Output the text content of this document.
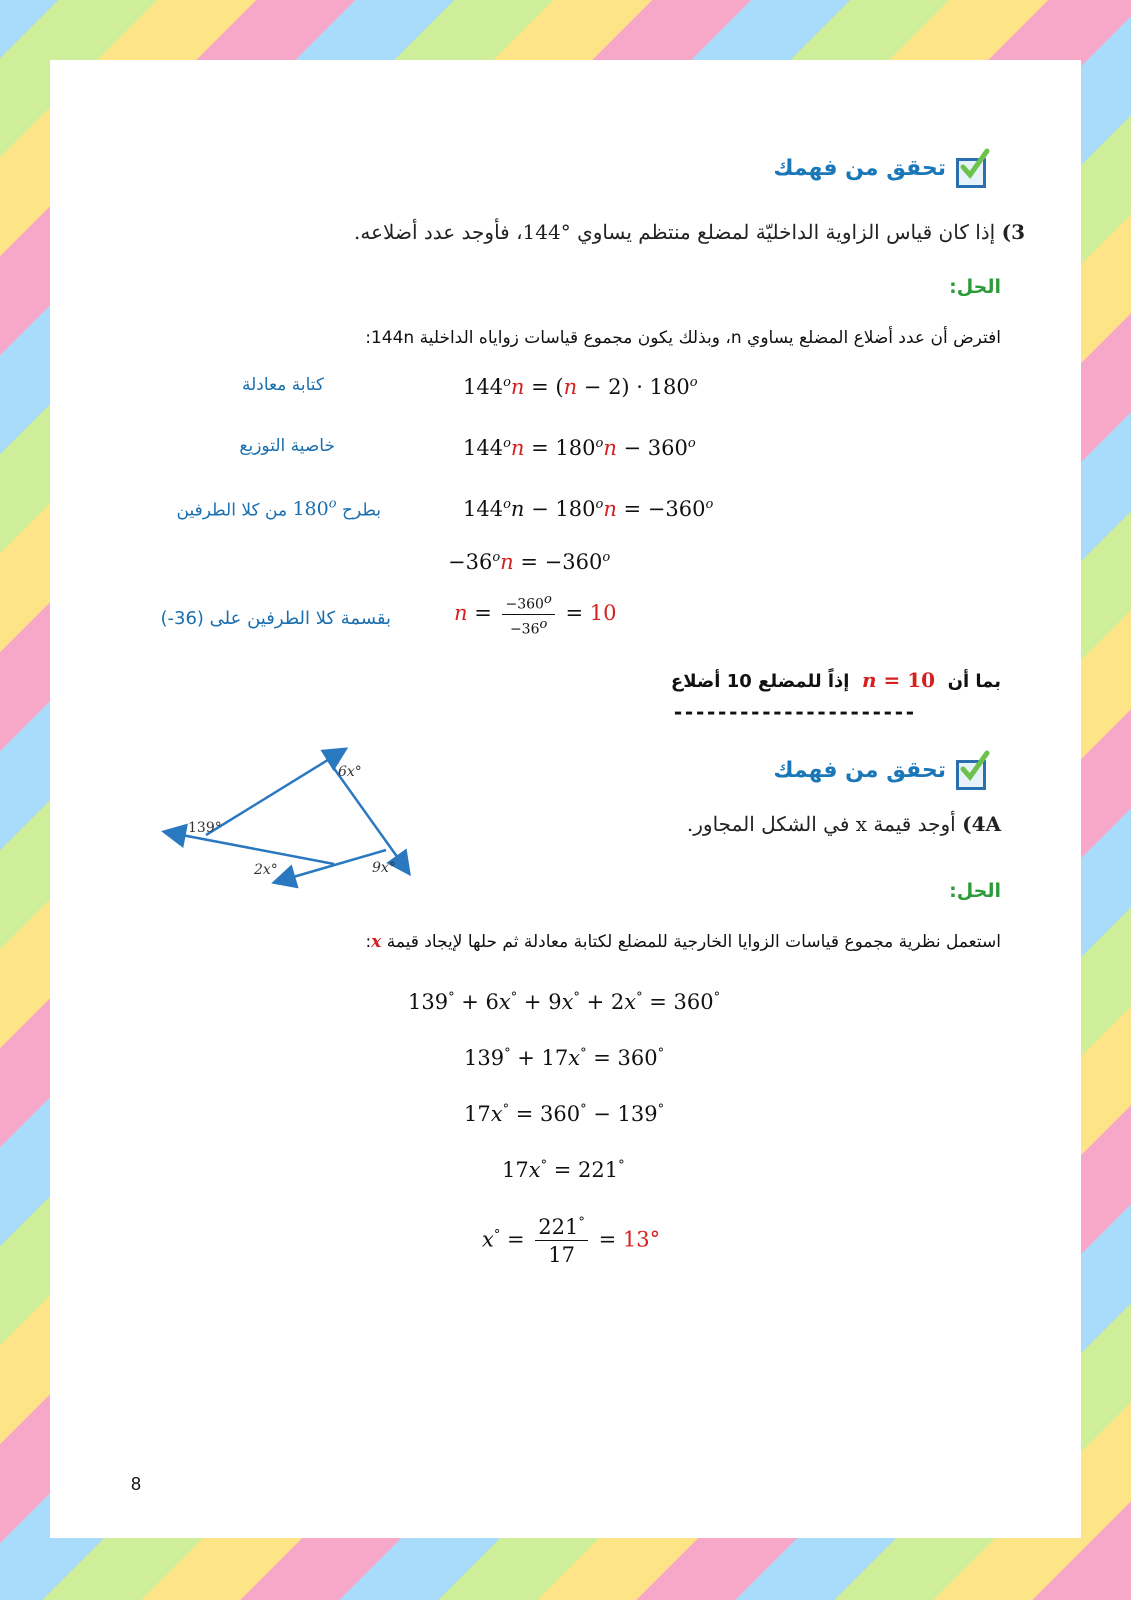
تحقق من فهمك
3) إذا كان قياس الزاوية الداخليّة لمضلع منتظم يساوي °144، فأوجد عدد أضلاعه.
الحل:
افترض أن عدد أضلاع المضلع يساوي n، وبذلك يكون مجموع قياسات زواياه الداخلية 144n:
$144^on = (n - 2) \cdot 180^o$
كتابة معادلة
$144^on = 180^on - 360^o$
خاصية التوزيع
$144^on - 180^on = -360^o$
بطرح 180$^o$ من كلا الطرفين
$-36^on = -360^o$
$n = \frac{-360^o}{-36^o} = 10$
بقسمة كلا الطرفين على (36-)
بما أن  n = 10  إذاً للمضلع 10 أضلاع
----------------------
تحقق من فهمك
4A) أوجد قيمة x في الشكل المجاور.
139°
6x°
2x°	9x°
الحل:
استعمل نظرية مجموع قياسات الزوايا الخارجية للمضلع لكتابة معادلة ثم حلها لإيجاد قيمة x:
139° + 6x° + 9x° + 2x° = 360°
139° + 17x° = 360°
17x° = 360° − 139°
17x° = 221°
$x^\circ = \frac{221^\circ}{17} = 13^\circ$
8
